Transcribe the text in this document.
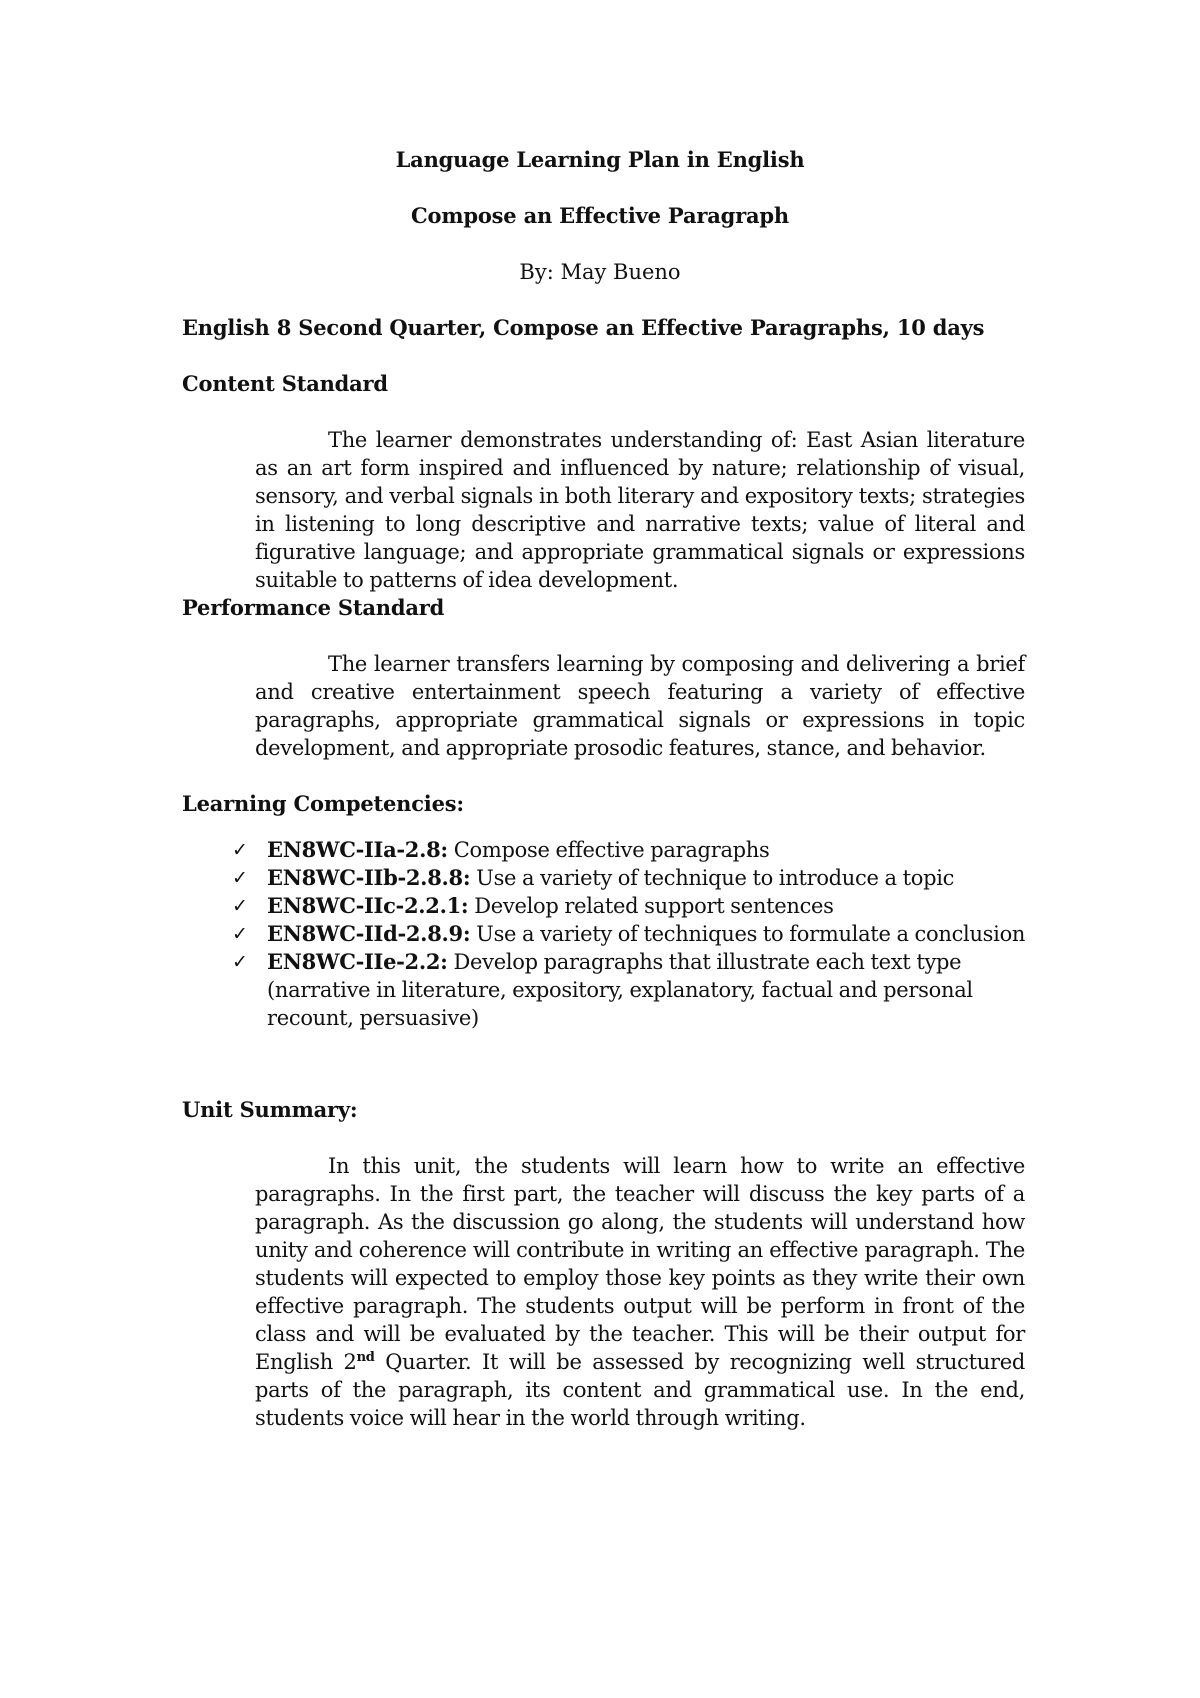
Language Learning Plan in English

Compose an Effective Paragraph

By: May Bueno

English 8 Second Quarter, Compose an Effective Paragraphs, 10 days

Content Standard

The learner demonstrates understanding of: East Asian literature as an art form inspired and influenced by nature; relationship of visual, sensory, and verbal signals in both literary and expository texts; strategies in listening to long descriptive and narrative texts; value of literal and figurative language; and appropriate grammatical signals or expressions suitable to patterns of idea development.

Performance Standard

The learner transfers learning by composing and delivering a brief and creative entertainment speech featuring a variety of effective paragraphs, appropriate grammatical signals or expressions in topic development, and appropriate prosodic features, stance, and behavior.

Learning Competencies:

✓ EN8WC-IIa-2.8: Compose effective paragraphs
✓ EN8WC-IIb-2.8.8: Use a variety of technique to introduce a topic
✓ EN8WC-IIc-2.2.1: Develop related support sentences
✓ EN8WC-IId-2.8.9: Use a variety of techniques to formulate a conclusion
✓ EN8WC-IIe-2.2: Develop paragraphs that illustrate each text type (narrative in literature, expository, explanatory, factual and personal recount, persuasive)

Unit Summary:

In this unit, the students will learn how to write an effective paragraphs. In the first part, the teacher will discuss the key parts of a paragraph. As the discussion go along, the students will understand how unity and coherence will contribute in writing an effective paragraph. The students will expected to employ those key points as they write their own effective paragraph. The students output will be perform in front of the class and will be evaluated by the teacher. This will be their output for English 2nd Quarter. It will be assessed by recognizing well structured parts of the paragraph, its content and grammatical use. In the end, students voice will hear in the world through writing.
